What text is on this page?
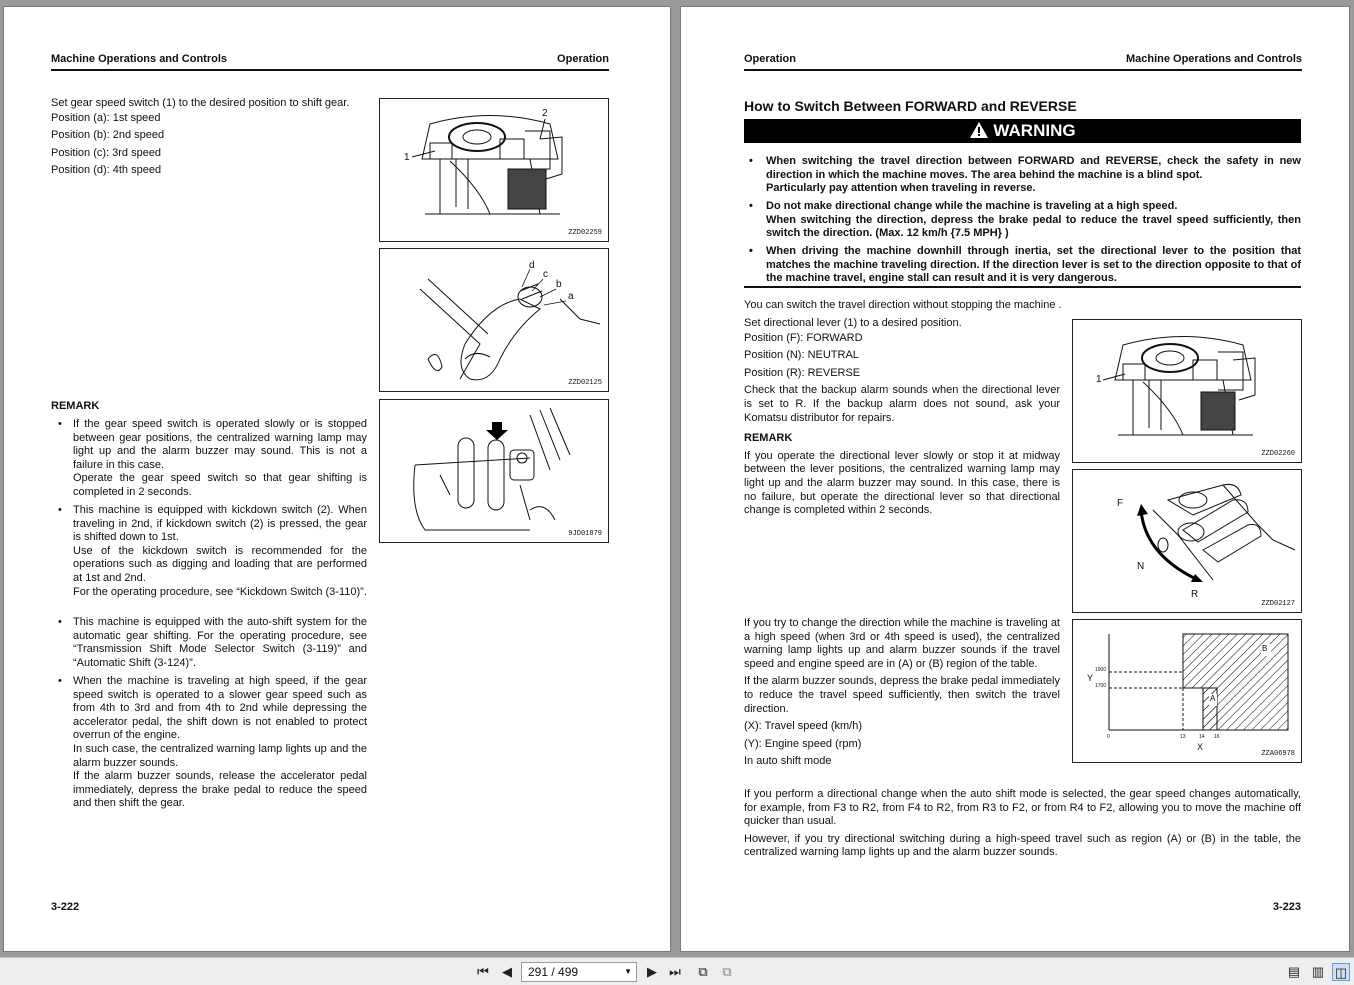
Machine Operations and Controls	Operation
Set gear speed switch (1) to the desired position to shift gear.
Position (a): 1st speed
Position (b): 2nd speed
Position (c): 3rd speed
Position (d): 4th speed
REMARK
• If the gear speed switch is operated slowly or is stopped between gear positions, the centralized warning lamp may light up and the alarm buzzer may sound. This is not a failure in this case.
Operate the gear speed switch so that gear shifting is completed in 2 seconds.
• This machine is equipped with kickdown switch (2). When traveling in 2nd, if kickdown switch (2) is pressed, the gear is shifted down to 1st.
Use of the kickdown switch is recommended for the operations such as digging and loading that are performed at 1st and 2nd.
For the operating procedure, see “Kickdown Switch (3-110)”.
• This machine is equipped with the auto-shift system for the automatic gear shifting. For the operating procedure, see “Transmission Shift Mode Selector Switch (3-119)” and “Automatic Shift (3-124)”.
• When the machine is traveling at high speed, if the gear speed switch is operated to a slower gear speed such as from 4th to 3rd and from 4th to 2nd while depressing the accelerator pedal, the shift down is not enabled to protect overrun of the engine.
In such case, the centralized warning lamp lights up and the alarm buzzer sounds.
If the alarm buzzer sounds, release the accelerator pedal immediately, depress the brake pedal to reduce the speed and then shift the gear.
1
2
ZZD02259
d
c
b
a
ZZD02125
9JD01879
3-222
Operation	Machine Operations and Controls
How to Switch Between FORWARD and REVERSE
WARNING
• When switching the travel direction between FORWARD and REVERSE, check the safety in new direction in which the machine moves. The area behind the machine is a blind spot.
Particularly pay attention when traveling in reverse.
• Do not make directional change while the machine is traveling at a high speed.
When switching the direction, depress the brake pedal to reduce the travel speed sufficiently, then switch the direction. (Max. 12 km/h {7.5 MPH} )
• When driving the machine downhill through inertia, set the directional lever to the position that matches the machine traveling direction. If the direction lever is set to the direction opposite to that of the machine travel, engine stall can result and it is very dangerous.
You can switch the travel direction without stopping the machine .
Set directional lever (1) to a desired position.
Position (F): FORWARD
Position (N): NEUTRAL
Position (R): REVERSE
Check that the backup alarm sounds when the directional lever is set to R. If the backup alarm does not sound, ask your Komatsu distributor for repairs.
REMARK
If you operate the directional lever slowly or stop it at midway between the lever positions, the centralized warning lamp may light up and the alarm buzzer may sound. In this case, there is no failure, but operate the directional lever so that directional change is completed within 2 seconds.
If you try to change the direction while the machine is traveling at a high speed (when 3rd or 4th speed is used), the centralized warning lamp lights up and alarm buzzer sounds if the travel speed and engine speed are in (A) or (B) region of the table.
If the alarm buzzer sounds, depress the brake pedal immediately to reduce the travel speed sufficiently, then switch the travel direction.
(X): Travel speed (km/h)
(Y): Engine speed (rpm)
In auto shift mode
If you perform a directional change when the auto shift mode is selected, the gear speed changes automatically, for example, from F3 to R2, from F4 to R2, from R3 to F2, or from R4 to F2, allowing you to move the machine off quicker than usual.
However, if you try directional switching during a high-speed travel such as region (A) or (B) in the table, the centralized warning lamp lights up and the alarm buzzer sounds.
1
ZZD02260
F
N
R
ZZD02127
Y
1900
1700
0	13	14 16
X
A
B
ZZA06978
3-223
⏮	◀	291 / 499	▼	▶ ⏭	⧉	⧉	▤ ▥ ◫
